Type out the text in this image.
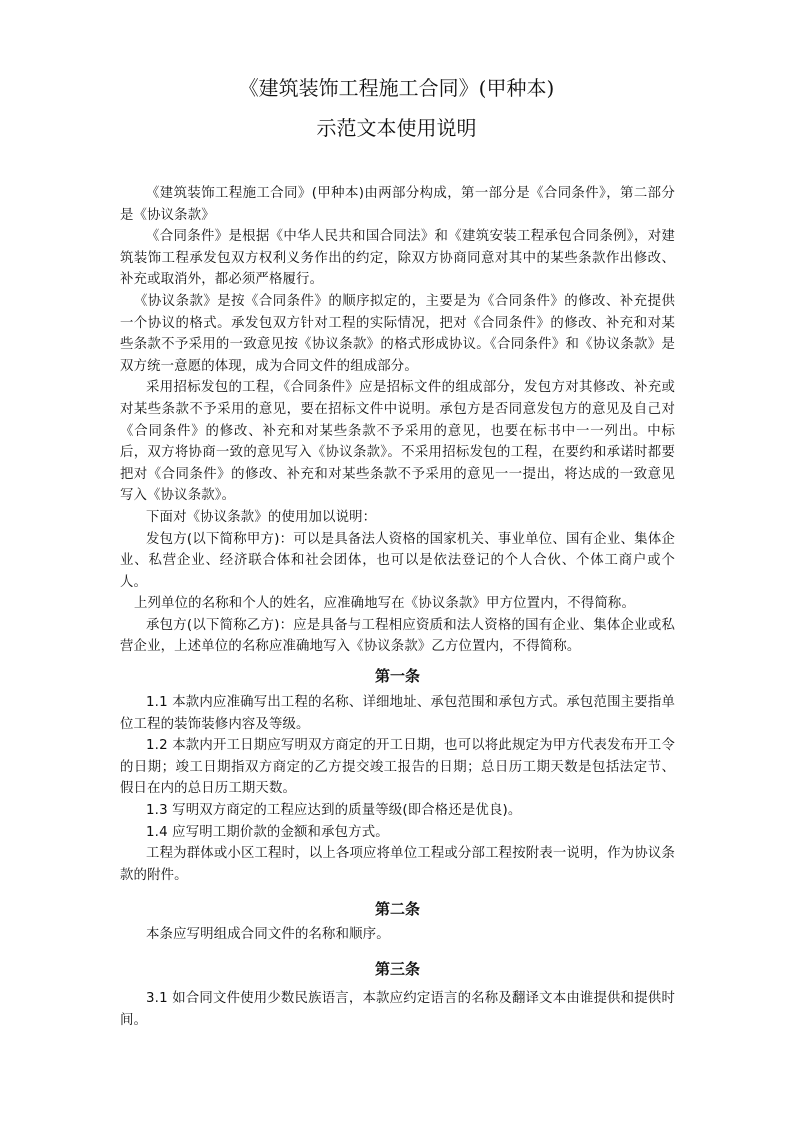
《建筑装饰工程施工合同》(甲种本)
示范文本使用说明

《建筑装饰工程施工合同》(甲种本)由两部分构成，第一部分是《合同条件》，第二部分是《协议条款》

《合同条件》是根据《中华人民共和国合同法》和《建筑安装工程承包合同条例》，对建筑装饰工程承发包双方权利义务作出的约定，除双方协商同意对其中的某些条款作出修改、补充或取消外，都必须严格履行。

《协议条款》是按《合同条件》的顺序拟定的，主要是为《合同条件》的修改、补充提供一个协议的格式。承发包双方针对工程的实际情况，把对《合同条件》的修改、补充和对某些条款不予采用的一致意见按《协议条款》的格式形成协议。《合同条件》和《协议条款》是双方统一意愿的体现，成为合同文件的组成部分。

采用招标发包的工程，《合同条件》应是招标文件的组成部分，发包方对其修改、补充或对某些条款不予采用的意见，要在招标文件中说明。承包方是否同意发包方的意见及自己对《合同条件》的修改、补充和对某些条款不予采用的意见，也要在标书中一一列出。中标后，双方将协商一致的意见写入《协议条款》。不采用招标发包的工程，在要约和承诺时都要把对《合同条件》的修改、补充和对某些条款不予采用的意见一一提出，将达成的一致意见写入《协议条款》。

下面对《协议条款》的使用加以说明：

发包方(以下简称甲方)：可以是具备法人资格的国家机关、事业单位、国有企业、集体企业、私营企业、经济联合体和社会团体，也可以是依法登记的个人合伙、个体工商户或个人。

上列单位的名称和个人的姓名，应准确地写在《协议条款》甲方位置内，不得简称。

承包方(以下简称乙方)：应是具备与工程相应资质和法人资格的国有企业、集体企业或私营企业，上述单位的名称应准确地写入《协议条款》乙方位置内，不得简称。

第一条

1.1 本款内应准确写出工程的名称、详细地址、承包范围和承包方式。承包范围主要指单位工程的装饰装修内容及等级。

1.2 本款内开工日期应写明双方商定的开工日期，也可以将此规定为甲方代表发布开工令的日期；竣工日期指双方商定的乙方提交竣工报告的日期；总日历工期天数是包括法定节、假日在内的总日历工期天数。

1.3 写明双方商定的工程应达到的质量等级(即合格还是优良)。

1.4 应写明工期价款的金额和承包方式。

工程为群体或小区工程时，以上各项应将单位工程或分部工程按附表一说明，作为协议条款的附件。

第二条

本条应写明组成合同文件的名称和顺序。

第三条

3.1 如合同文件使用少数民族语言，本款应约定语言的名称及翻译文本由谁提供和提供时间。
